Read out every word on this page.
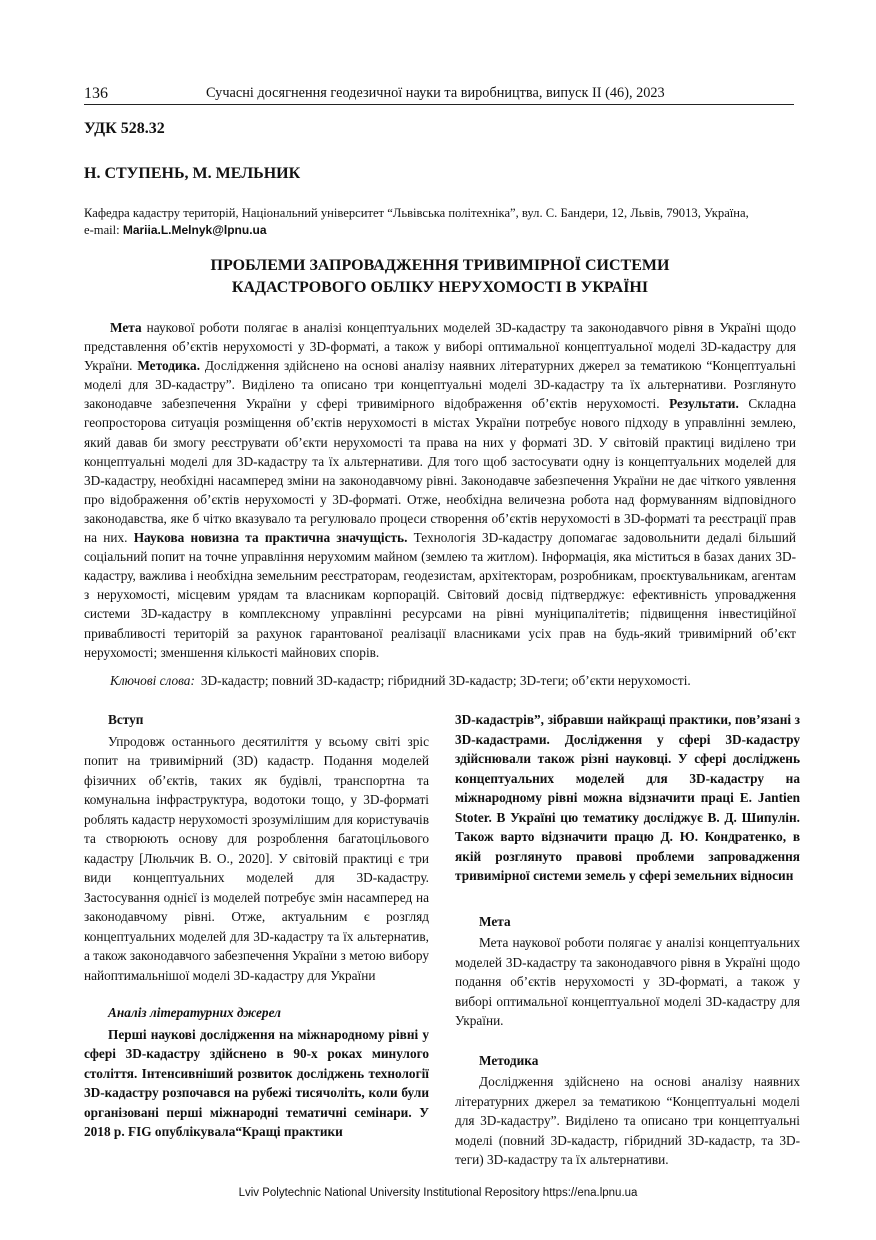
136	Сучасні досягнення геодезичної науки та виробництва, випуск ІІ (46), 2023
УДК 528.32
Н. СТУПЕНЬ, М. МЕЛЬНИК
Кафедра кадастру територій, Національний університет “Львівська політехніка”, вул. С. Бандери, 12, Львів, 79013, Україна,
e-mail: Mariia.L.Melnyk@lpnu.ua
ПРОБЛЕМИ ЗАПРОВАДЖЕННЯ ТРИВИМІРНОЇ СИСТЕМИ
КАДАСТРОВОГО ОБЛІКУ НЕРУХОМОСТІ В УКРАЇНІ
Мета наукової роботи полягає в аналізі концептуальних моделей 3D-кадастру та законодавчого рівня в Україні щодо представлення об’єктів нерухомості у 3D-форматі, а також у виборі оптимальної концептуальної моделі 3D-кадастру для України. Методика. Дослідження здійснено на основі аналізу наявних літературних джерел за тематикою “Концептуальні моделі для 3D-кадастру”. Виділено та описано три концептуальні моделі 3D-кадастру та їх альтернативи. Розглянуто законодавче забезпечення України у сфері тривимірного відображення об’єктів нерухомості. Результати. Складна геопросторова ситуація розміщення об’єктів нерухомості в містах України потребує нового підходу в управлінні землею, який давав би змогу реєструвати об’єкти нерухомості та права на них у форматі 3D. У світовій практиці виділено три концептуальні моделі для 3D-кадастру та їх альтернативи. Для того щоб застосувати одну із концептуальних моделей для 3D-кадастру, необхідні насамперед зміни на законодавчому рівні. Законодавче забезпечення України не дає чіткого уявлення про відображення об’єктів нерухомості у 3D-форматі. Отже, необхідна величезна робота над формуванням відповідного законодавства, яке б чітко вказувало та регулювало процеси створення об’єктів нерухомості в 3D-форматі та реєстрації прав на них. Наукова новизна та практична значущість. Технологія 3D-кадастру допомагає задовольнити дедалі більший соціальний попит на точне управління нерухомим майном (землею та житлом). Інформація, яка міститься в базах даних 3D-кадастру, важлива і необхідна земельним реєстраторам, геодезистам, архітекторам, розробникам, проєктувальникам, агентам з нерухомості, місцевим урядам та власникам корпорацій. Світовий досвід підтверджує: ефективність упровадження системи 3D-кадастру в комплексному управлінні ресурсами на рівні муніципалітетів; підвищення інвестиційної привабливості територій за рахунок гарантованої реалізації власниками усіх прав на будь-який тривимірний об’єкт нерухомості; зменшення кількості майнових спорів.
Ключові слова: 3D-кадастр; повний 3D-кадастр; гібридний 3D-кадастр; 3D-теги; об’єкти нерухомості.
Вступ
Упродовж останнього десятиліття у всьому світі зріс попит на тривимірний (3D) кадастр. Подання моделей фізичних об’єктів, таких як будівлі, транспортна та комунальна інфраструктура, водотоки тощо, у 3D-форматі роблять кадастр нерухомості зрозумілішим для користувачів та створюють основу для розроблення багатоцільового кадастру [Люльчик В. О., 2020]. У світовій практиці є три види концептуальних моделей для 3D-кадастру. Застосування однієї із моделей потребує змін насамперед на законодавчому рівні. Отже, актуальним є розгляд концептуальних моделей для 3D-кадастру та їх альтернатив, а також законодавчого забезпечення України з метою вибору найоптимальнішої моделі 3D-кадастру для України
Аналіз літературних джерел
Перші наукові дослідження на міжнародному рівні у сфері 3D-кадастру здійснено в 90-х роках минулого століття. Інтенсивніший розвиток досліджень технології 3D-кадастру розпочався на рубежі тисячоліть, коли були організовані перші міжнародні тематичні семінари. У 2018 р. FIG опублікувала“Кращі практики
3D-кадастрів”, зібравши найкращі практики, пов’язані з 3D-кадастрами. Дослідження у сфері 3D-кадастру здійснювали також різні науковці. У сфері досліджень концептуальних моделей для 3D-кадастру на міжнародному рівні можна відзначити праці E. Jantien Stoter. В Україні цю тематику досліджує В. Д. Шипулін. Також варто відзначити працю Д. Ю. Кондратенко, в якій розглянуто правові проблеми запровадження тривимірної системи земель у сфері земельних відносин
Мета
Мета наукової роботи полягає у аналізі концептуальних моделей 3D-кадастру та законодавчого рівня в Україні щодо подання об’єктів нерухомості у 3D-форматі, а також у виборі оптимальної концептуальної моделі 3D-кадастру для України.
Методика
Дослідження здійснено на основі аналізу наявних літературних джерел за тематикою “Концептуальні моделі для 3D-кадастру”. Виділено та описано три концептуальні моделі (повний 3D-кадастр, гібридний 3D-кадастр, та 3D-теги) 3D-кадастру та їх альтернативи.
Lviv Polytechnic National University Institutional Repository https://ena.lpnu.ua
